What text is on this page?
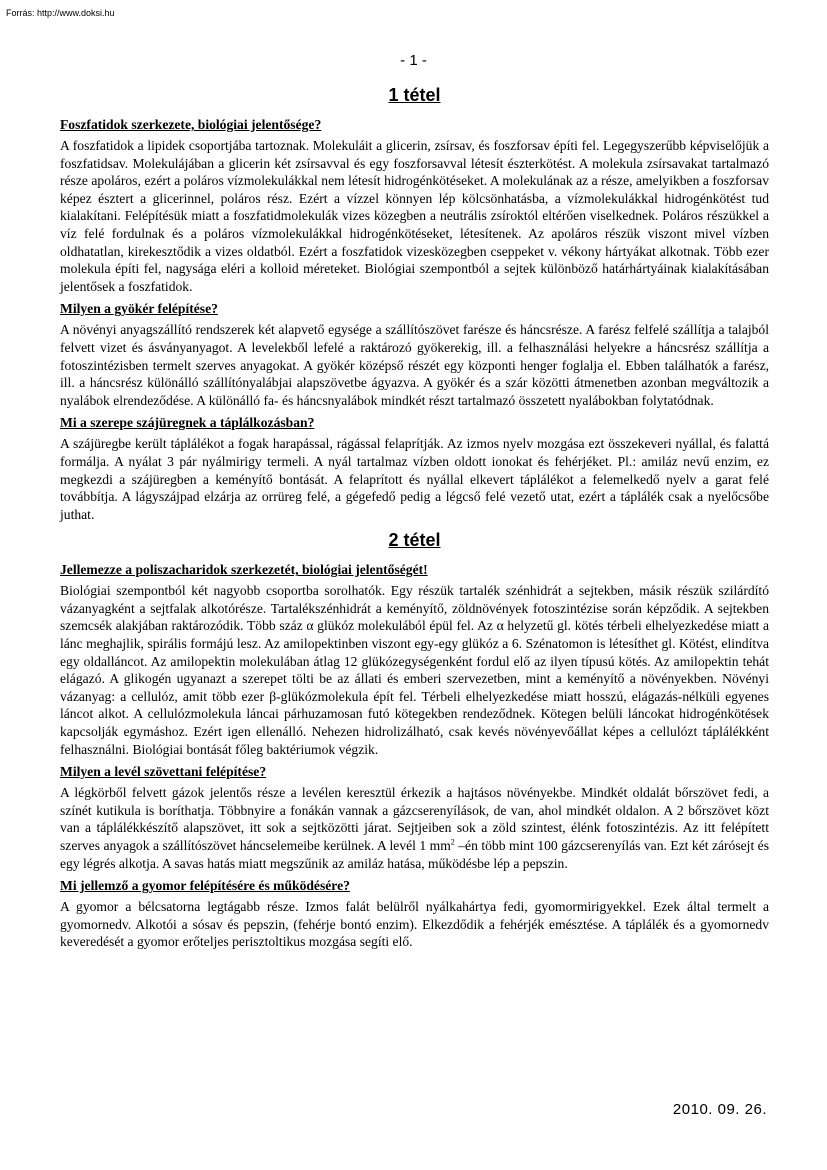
Forrás: http://www.doksi.hu
- 1 -
1 tétel
Foszfatidok szerkezete, biológiai jelentősége?

A foszfatidok a lipidek csoportjába tartoznak. Molekuláit a glicerin, zsírsav, és foszforsav építi fel. Legegyszerűbb képviselőjük a foszfatidsav. Molekulájában a glicerin két zsírsavval és egy foszforsavval létesít észterkötést. A molekula zsírsavakat tartalmazó része apoláros, ezért a poláros vízmolekulákkal nem létesít hidrogénkötéseket. A molekulának az a része, amelyikben a foszforsav képez észtert a glicerinnel, poláros rész. Ezért a vízzel könnyen lép kölcsönhatásba, a vízmolekulákkal hidrogénkötést tud kialakítani. Felépítésük miatt a foszfatidmolekulák vizes közegben a neutrális zsíroktól eltérően viselkednek. Poláros részükkel a víz felé fordulnak és a poláros vízmolekulákkal hidrogénkötéseket, létesítenek. Az apoláros részük viszont mivel vízben oldhatatlan, kirekesztődik a vizes oldatból. Ezért a foszfatidok vizesközegben cseppeket v. vékony hártyákat alkotnak. Több ezer molekula építi fel, nagysága eléri a kolloid méreteket. Biológiai szempontból a sejtek különböző határhártyáinak kialakításában jelentősek a foszfatidok.

Milyen a gyökér felépítése?

A növényi anyagszállító rendszerek két alapvető egysége a szállítószövet farésze és háncsrésze. A farész felfelé szállítja a talajból felvett vizet és ásványanyagot. A levelekből lefelé a raktározó gyökerekig, ill. a felhasználási helyekre a háncsrész szállítja a fotoszintézisben termelt szerves anyagokat. A gyökér középső részét egy központi henger foglalja el. Ebben találhatók a farész, ill. a háncsrész különálló szállítónyalábjai alapszövetbe ágyazva. A gyökér és a szár közötti átmenetben azonban megváltozik a nyalábok elrendeződése. A különálló fa- és háncsnyalábok mindkét részt tartalmazó összetett nyalábokban folytatódnak.

Mi a szerepe szájüregnek a táplálkozásban?

A szájüregbe került táplálékot a fogak harapással, rágással felaprítják. Az izmos nyelv mozgása ezt összekeveri nyállal, és falattá formálja. A nyálat 3 pár nyálmirigy termeli. A nyál tartalmaz vízben oldott ionokat és fehérjéket. Pl.: amiláz nevű enzim, ez megkezdi a szájüregben a keményítő bontását. A felaprított és nyállal elkevert táplálékot a felemelkedő nyelv a garat felé továbbítja. A lágyszájpad elzárja az orrüreg felé, a gégefedő pedig a légcső felé vezető utat, ezért a táplálék csak a nyelőcsőbe juthat.

2 tétel
Jellemezze a poliszacharidok szerkezetét, biológiai jelentőségét!

Biológiai szempontból két nagyobb csoportba sorolhatók. Egy részük tartalék szénhidrát a sejtekben, másik részük szilárdító vázanyagként a sejtfalak alkotórésze. Tartalékszénhidrát a keményítő, zöldnövények fotoszintézise során képződik. A sejtekben szemcsék alakjában raktározódik. Több száz α glükóz molekulából épül fel. Az α helyzetű gl. kötés térbeli elhelyezkedése miatt a lánc meghajlik, spirális formájú lesz. Az amilopektinben viszont egy-egy glükóz a 6. Szénatomon is létesíthet gl. Kötést, elindítva egy oldalláncot. Az amilopektin molekulában átlag 12 glükózegységenként fordul elő az ilyen típusú kötés. Az amilopektin tehát elágazó. A glikogén ugyanazt a szerepet tölti be az állati és emberi szervezetben, mint a keményítő a növényekben. Növényi vázanyag: a cellulóz, amit több ezer β-glükózmolekula épít fel. Térbeli elhelyezkedése miatt hosszú, elágazás-nélküli egyenes láncot alkot. A cellulózmolekula láncai párhuzamosan futó kötegekben rendeződnek. Kötegen belüli láncokat hidrogénkötések kapcsolják egymáshoz. Ezért igen ellenálló. Nehezen hidrolizálható, csak kevés növényevőállat képes a cellulózt táplálékként felhasználni. Biológiai bontását főleg baktériumok végzik.

Milyen a levél szövettani felépítése?

A légkörből felvett gázok jelentős része a levélen keresztül érkezik a hajtásos növényekbe. Mindkét oldalát bőrszövet fedi, a színét kutikula is boríthatja. Többnyire a fonákán vannak a gázcserenyílások, de van, ahol mindkét oldalon. A 2 bőrszövet közt van a táplálékkészítő alapszövet, itt sok a sejtközötti járat. Sejtjeiben sok a zöld szintest, élénk fotoszintézis. Az itt felépített szerves anyagok a szállítószövet háncselemeibe kerülnek. A levél 1 $mm^2$ –én több mint 100 gázcserenyílás van. Ezt két zárósejt és egy légrés alkotja. A savas hatás miatt megszűnik az amiláz hatása, működésbe lép a pepszin.

Mi jellemző a gyomor felépítésére és működésére?

A gyomor a bélcsatorna legtágabb része. Izmos falát belülről nyálkahártya fedi, gyomormirigyekkel. Ezek által termelt a gyomornedv. Alkotói a sósav és pepszin, (fehérje bontó enzim). Elkezdődik a fehérjék emésztése. A táplálék és a gyomornedv keveredését a gyomor erőteljes perisztoltikus mozgása segíti elő.

2010. 09. 26.
